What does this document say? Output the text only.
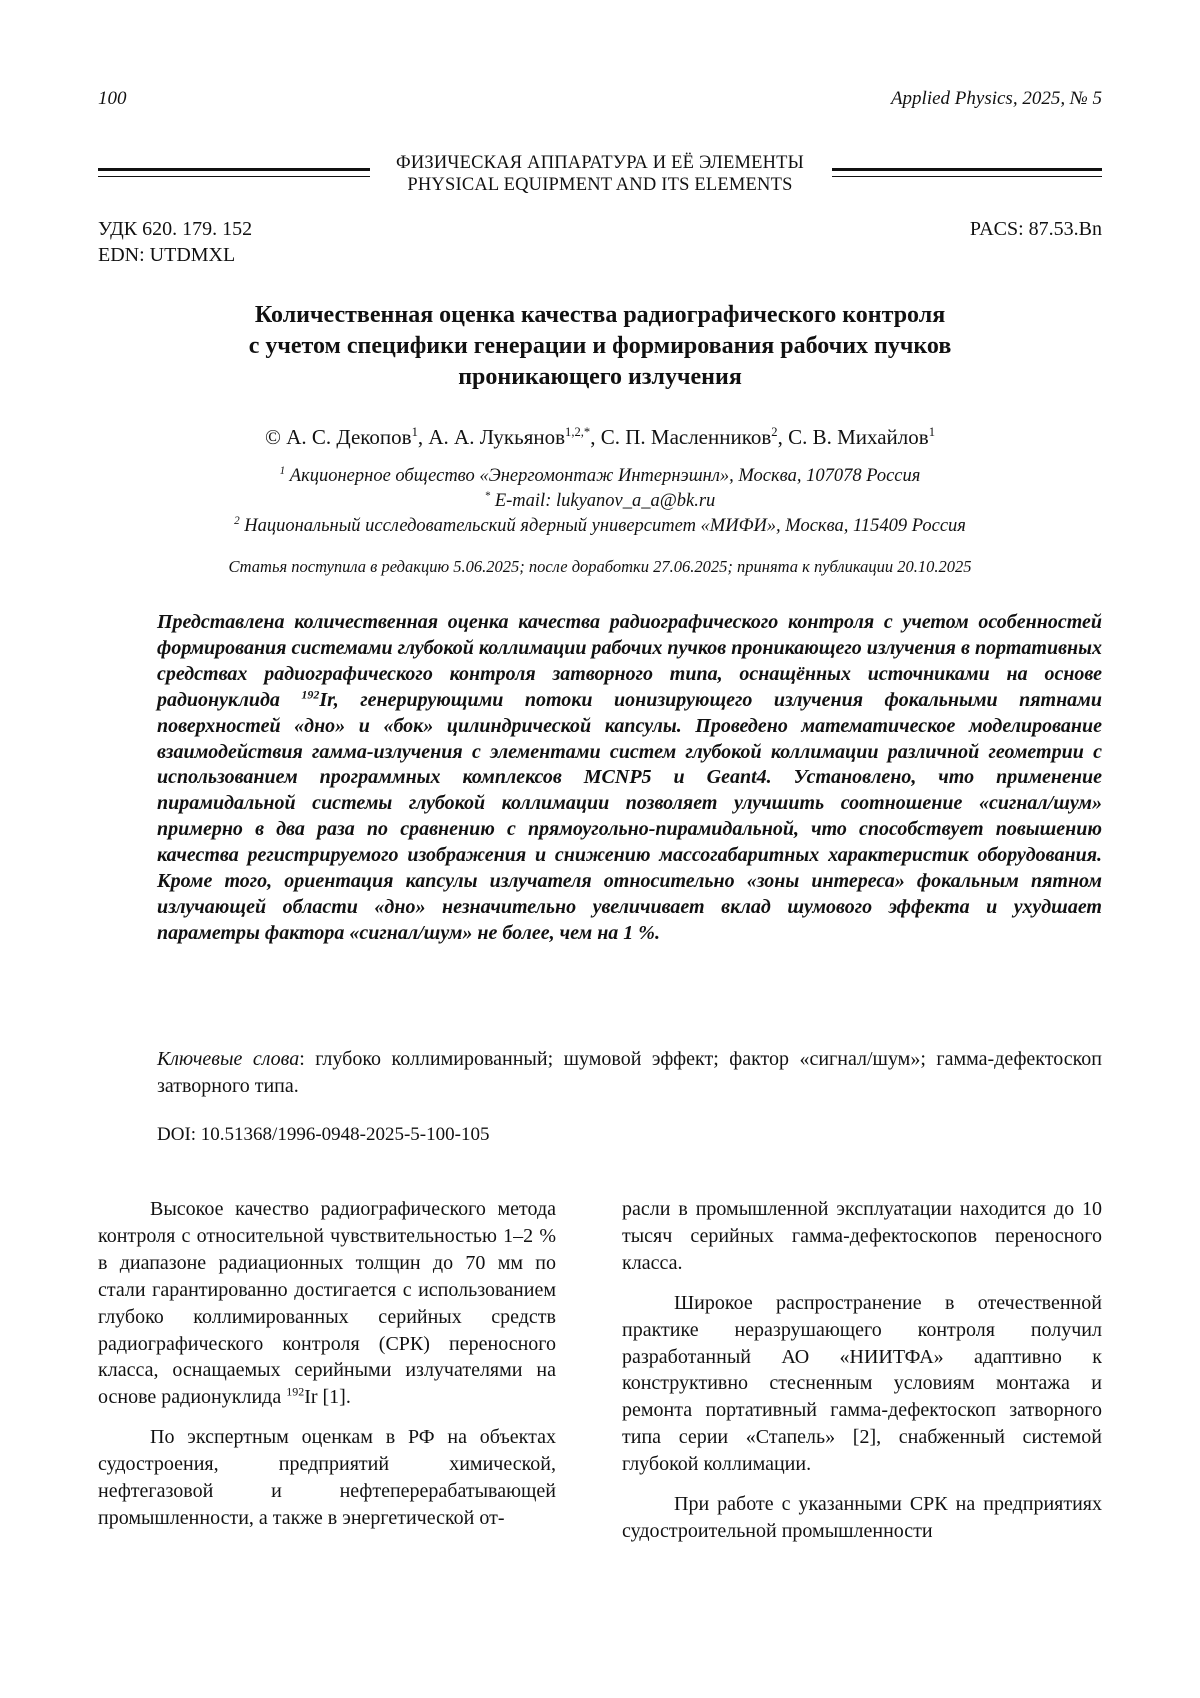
100	Applied Physics, 2025, № 5
ФИЗИЧЕСКАЯ АППАРАТУРА И ЕЁ ЭЛЕМЕНТЫ
PHYSICAL EQUIPMENT AND ITS ELEMENTS
УДК 620. 179. 152
EDN: UTDMXL
PACS: 87.53.Bn
Количественная оценка качества радиографического контроля
с учетом специфики генерации и формирования рабочих пучков
проникающего излучения
© А. С. Декопов1, А. А. Лукьянов1,2,*, С. П. Масленников2, С. В. Михайлов1
1 Акционерное общество «Энергомонтаж Интернэшнл», Москва, 107078 Россия
* E-mail: lukyanov_a_a@bk.ru
2 Национальный исследовательский ядерный университет «МИФИ», Москва, 115409 Россия
Статья поступила в редакцию 5.06.2025; после доработки 27.06.2025; принята к публикации 20.10.2025
Представлена количественная оценка качества радиографического контроля с учетом особенностей формирования системами глубокой коллимации рабочих пучков проникающего излучения в портативных средствах радиографического контроля затворного типа, оснащённых источниками на основе радионуклида 192Ir, генерирующими потоки ионизирующего излучения фокальными пятнами поверхностей «дно» и «бок» цилиндрической капсулы. Проведено математическое моделирование взаимодействия гамма-излучения с элементами систем глубокой коллимации различной геометрии с использованием программных комплексов MCNP5 и Geant4. Установлено, что применение пирамидальной системы глубокой коллимации позволяет улучшить соотношение «сигнал/шум» примерно в два раза по сравнению с прямоугольно-пирамидальной, что способствует повышению качества регистрируемого изображения и снижению массогабаритных характеристик оборудования. Кроме того, ориентация капсулы излучателя относительно «зоны интереса» фокальным пятном излучающей области «дно» незначительно увеличивает вклад шумового эффекта и ухудшает параметры фактора «сигнал/шум» не более, чем на 1 %.
Ключевые слова: глубоко коллимированный; шумовой эффект; фактор «сигнал/шум»; гамма-дефектоскоп затворного типа.
DOI: 10.51368/1996-0948-2025-5-100-105

Высокое качество радиографического метода контроля с относительной чувствительностью 1–2 % в диапазоне радиационных толщин до 70 мм по стали гарантированно достигается с использованием глубоко коллимированных серийных средств радиографического контроля (СРК) переносного класса, оснащаемых серийными излучателями на основе радионуклида 192Ir [1].

По экспертным оценкам в РФ на объектах судостроения, предприятий химической, нефтегазовой и нефтеперерабатывающей промышленности, а также в энергетической от-

расли в промышленной эксплуатации находится до 10 тысяч серийных гамма-дефектоскопов переносного класса.

Широкое распространение в отечественной практике неразрушающего контроля получил разработанный АО «НИИТФА» адаптивно к конструктивно стесненным условиям монтажа и ремонта портативный гамма-дефектоскоп затворного типа серии «Стапель» [2], снабженный системой глубокой коллимации.

При работе с указанными СРК на предприятиях судостроительной промышленности
